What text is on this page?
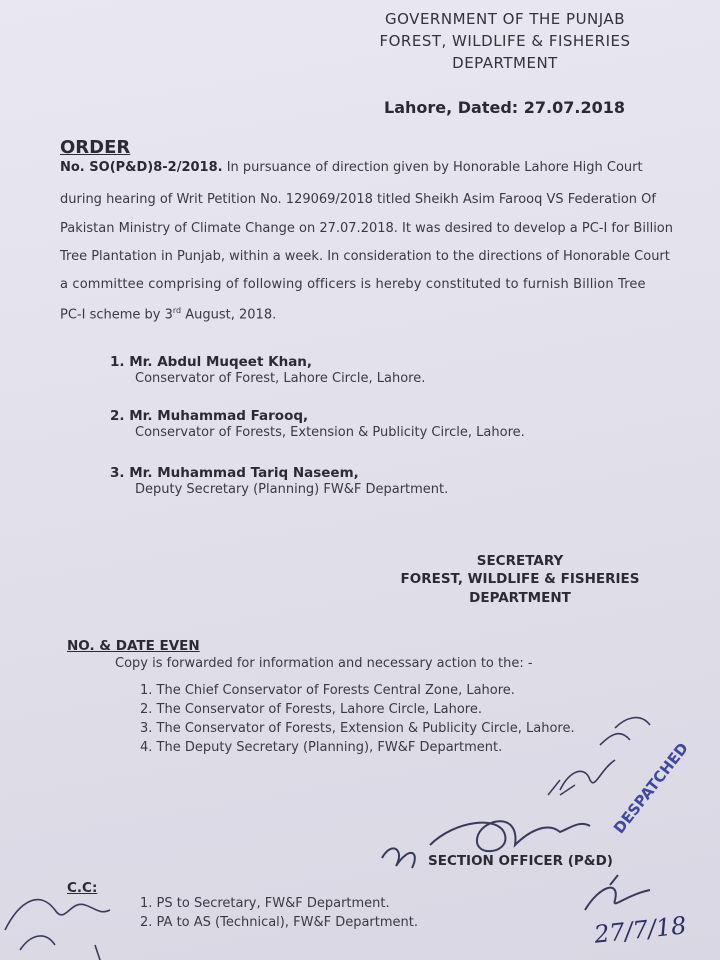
GOVERNMENT OF THE PUNJAB
FOREST, WILDLIFE & FISHERIES
DEPARTMENT
Lahore, Dated: 27.07.2018
ORDER
No. SO(P&D)8-2/2018. In pursuance of direction given by Honorable Lahore High Court
during hearing of Writ Petition No. 129069/2018 titled Sheikh Asim Farooq VS Federation Of
Pakistan Ministry of Climate Change on 27.07.2018. It was desired to develop a PC-I for Billion
Tree Plantation in Punjab, within a week. In consideration to the directions of Honorable Court
a committee comprising of following officers is hereby constituted to furnish Billion Tree
PC-I scheme by 3rd August, 2018.
1. Mr. Abdul Muqeet Khan,
Conservator of Forest, Lahore Circle, Lahore.
2. Mr. Muhammad Farooq,
Conservator of Forests, Extension & Publicity Circle, Lahore.
3. Mr. Muhammad Tariq Naseem,
Deputy Secretary (Planning) FW&F Department.
SECRETARY
FOREST, WILDLIFE & FISHERIES
DEPARTMENT
NO. & DATE EVEN
Copy is forwarded for information and necessary action to the: -
1. The Chief Conservator of Forests Central Zone, Lahore.
2. The Conservator of Forests, Lahore Circle, Lahore.
3. The Conservator of Forests, Extension & Publicity Circle, Lahore.
4. The Deputy Secretary (Planning), FW&F Department.	DESPATCHED
SECTION OFFICER (P&D)
C.C:
1. PS to Secretary, FW&F Department.
2. PA to AS (Technical), FW&F Department.	27/7/18
